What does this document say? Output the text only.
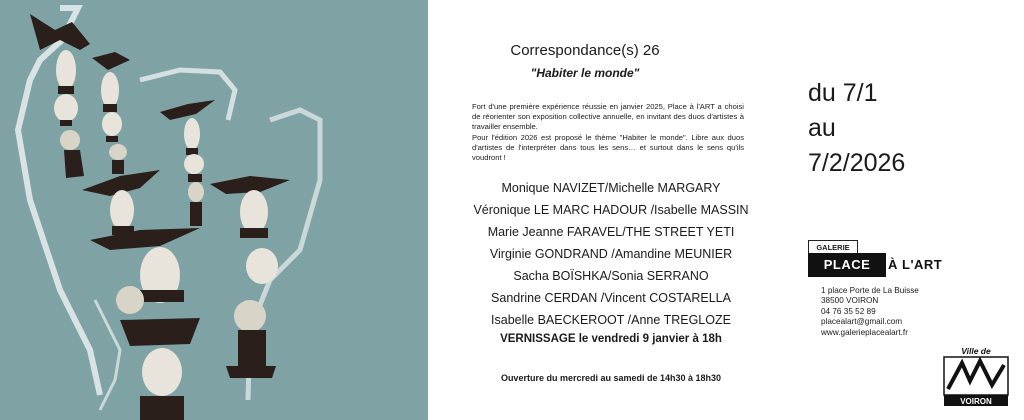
Correspondance(s) 26
"Habiter le monde"

Fort d'une première expérience réussie en janvier 2025, Place à l'ART a choisi de réorienter son exposition collective annuelle, en invitant des duos d'artistes à travailler ensemble.

Pour l'édition 2026 est proposé le thème "Habiter le monde". Libre aux duos d'artistes de l'interpréter dans tous les sens… et surtout dans le sens qu'ils voudront !

Monique NAVIZET/Michelle MARGARY
Véronique LE MARC HADOUR /Isabelle MASSIN
Marie Jeanne FARAVEL/THE STREET YETI
Virginie GONDRAND /Amandine MEUNIER
Sacha BOÏSHKA/Sonia SERRANO
Sandrine CERDAN /Vincent COSTARELLA
Isabelle BAECKEROOT /Anne TREGLOZE
VERNISSAGE le vendredi 9 janvier à 18h
Ouverture du mercredi au samedi de 14h30 à 18h30
du 7/1
au
7/2/2026
GALERIE
PLACE	À L'ART
1 place Porte de La Buisse
38500 VOIRON
04 76 35 52 89
placealart@gmail.com
www.galerieplacealart.fr
Ville de
VOIRON
